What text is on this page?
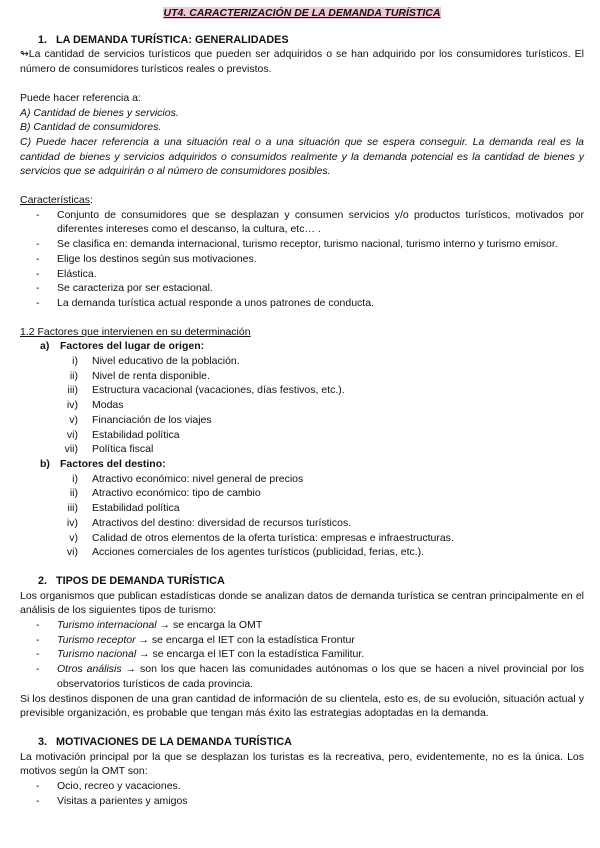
UT4. CARACTERIZACIÓN DE LA DEMANDA TURÍSTICA
1. LA DEMANDA TURÍSTICA: GENERALIDADES

↬La cantidad de servicios turísticos que pueden ser adquiridos o se han adquirido por los consumidores turísticos. El número de consumidores turísticos reales o previstos.

Puede hacer referencia a:

A) Cantidad de bienes y servicios.

B) Cantidad de consumidores.

C) Puede hacer referencia a una situación real o a una situación que se espera conseguir. La demanda real es la cantidad de bienes y servicios adquiridos o consumidos realmente y la demanda potencial es la cantidad de bienes y servicios que se adquirirán o al número de consumidores posibles.

Características:

- Conjunto de consumidores que se desplazan y consumen servicios y/o productos turísticos, motivados por diferentes intereses como el descanso, la cultura, etc… .
- Se clasifica en: demanda internacional, turismo receptor, turismo nacional, turismo interno y turismo emisor.
- Elige los destinos según sus motivaciones.
- Elástica.
- Se caracteriza por ser estacional.
- La demanda turística actual responde a unos patrones de conducta.

1.2 Factores que intervienen en su determinación

a) Factores del lugar de origen:
i) Nivel educativo de la población.
ii) Nivel de renta disponible.
iii) Estructura vacacional (vacaciones, días festivos, etc.).
iv) Modas
v) Financiación de los viajes
vi) Estabilidad política
vii) Política fiscal
b) Factores del destino:
i) Atractivo económico: nivel general de precios
ii) Atractivo económico: tipo de cambio
iii) Estabilidad política
iv) Atractivos del destino: diversidad de recursos turísticos.
v) Calidad de otros elementos de la oferta turística: empresas e infraestructuras.
vi) Acciones comerciales de los agentes turísticos (publicidad, ferias, etc.).
2. TIPOS DE DEMANDA TURÍSTICA

Los organismos que publican estadísticas donde se analizan datos de demanda turística se centran principalmente en el análisis de los siguientes tipos de turismo:

- Turismo internacional → se encarga la OMT
- Turismo receptor → se encarga el IET con la estadística Frontur
- Turismo nacional → se encarga el IET con la estadística Familitur.
- Otros análisis → son los que hacen las comunidades autónomas o los que se hacen a nivel provincial por los observatorios turísticos de cada provincia.

Si los destinos disponen de una gran cantidad de información de su clientela, esto es, de su evolución, situación actual y previsible organización, es probable que tengan más éxito las estrategias adoptadas en la demanda.

3. MOTIVACIONES DE LA DEMANDA TURÍSTICA

La motivación principal por la que se desplazan los turistas es la recreativa, pero, evidentemente, no es la única. Los motivos según la OMT son:

- Ocio, recreo y vacaciones.
- Visitas a parientes y amigos
